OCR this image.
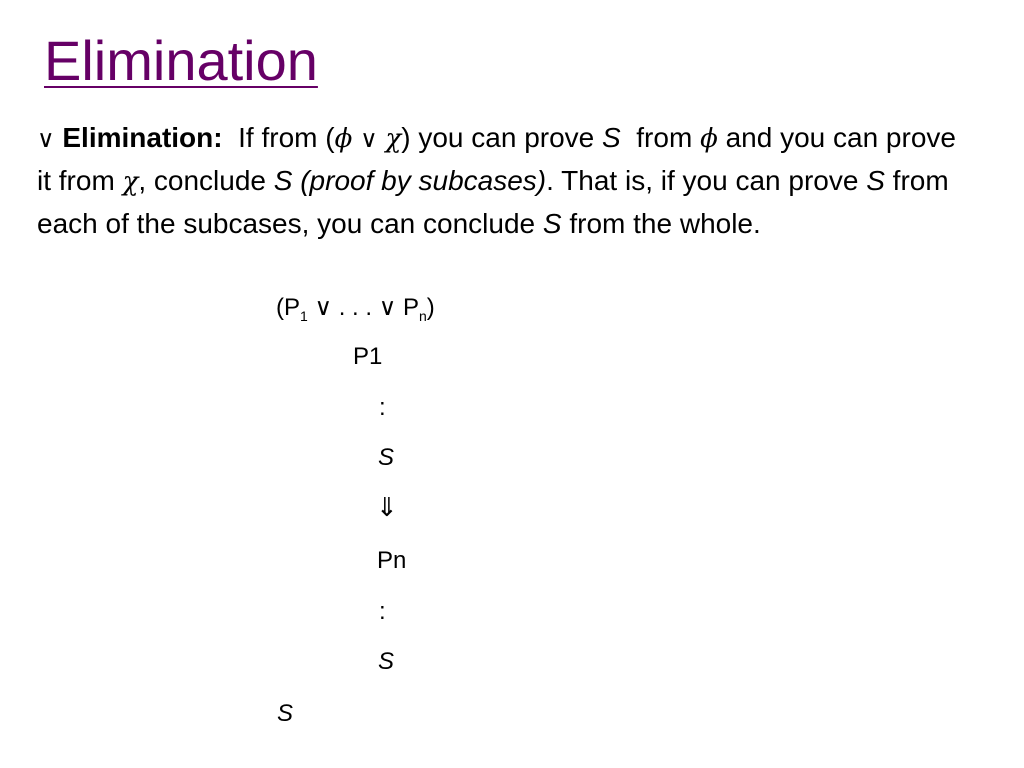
Elimination

∨ Elimination: If from (ϕ ∨ χ) you can prove S from ϕ and you can prove it from χ, conclude S (proof by subcases). That is, if you can prove S from each of the subcases, you can conclude S from the whole.

($P_1$ ∨ . . . ∨ $P_n$)
P1
:
S
⇓
Pn
:
S
S
